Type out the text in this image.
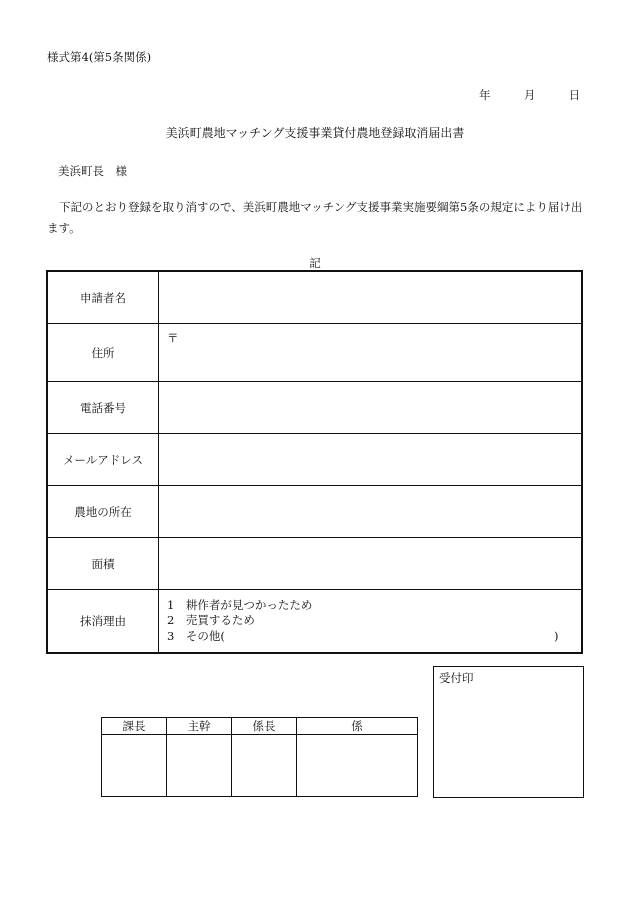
様式第4(第5条関係)
年	月	日
美浜町農地マッチング支援事業貸付農地登録取消届出書
美浜町長　様
下記のとおり登録を取り消すので、美浜町農地マッチング支援事業実施要綱第5条の規定により届け出ます。
記
申請者名	
住所	〒
電話番号	
メールアドレス	
農地の所在	
面積	
抹消理由	1　耕作者が見つかったため
2　売買するため
3　その他( )
課長	主幹	係長	係

受付印
